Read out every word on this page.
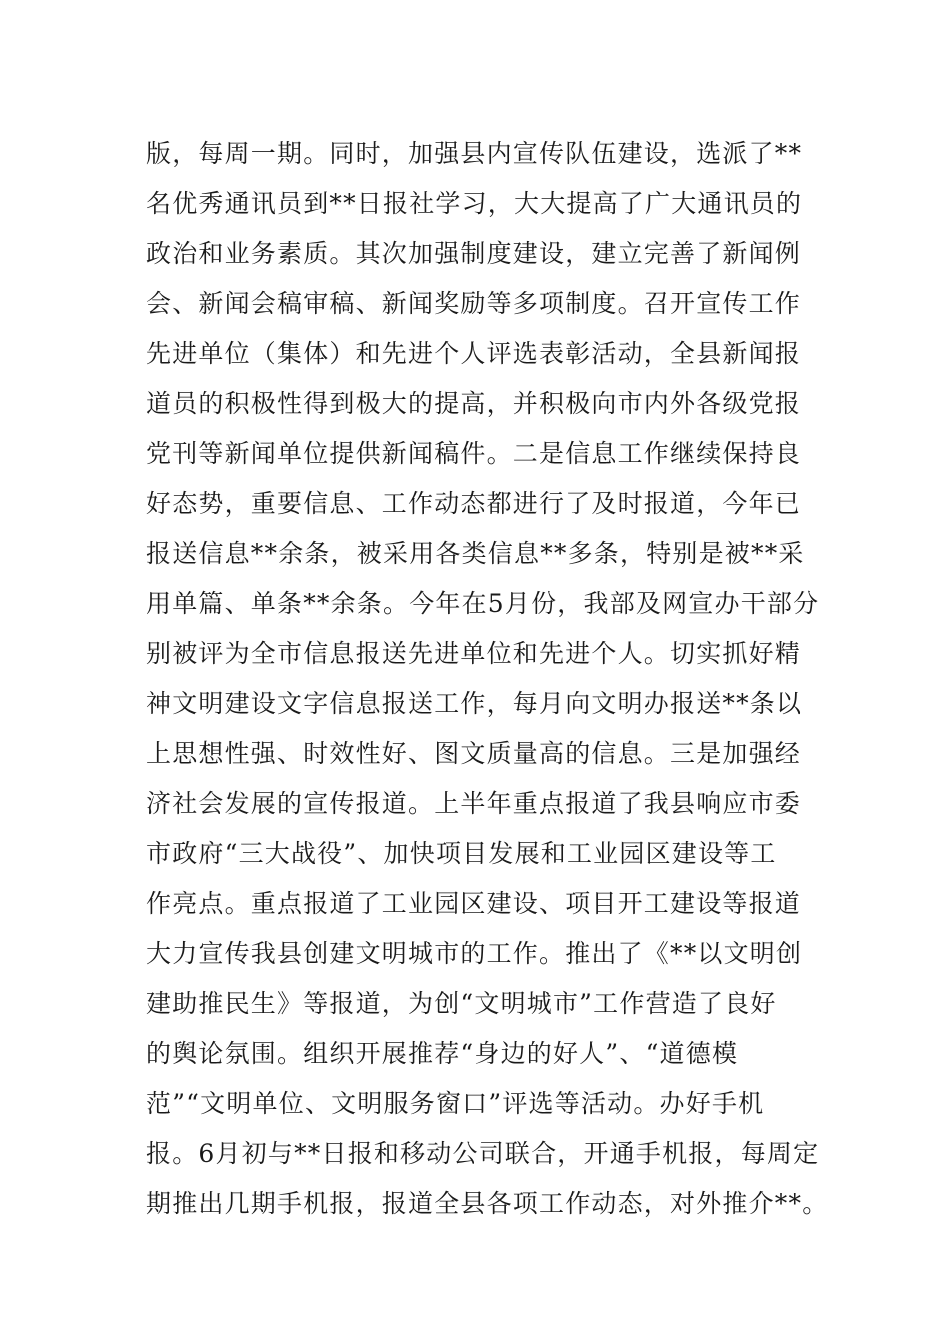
版，每周一期。同时，加强县内宣传队伍建设，选派了**
名优秀通讯员到**日报社学习，大大提高了广大通讯员的
政治和业务素质。其次加强制度建设，建立完善了新闻例
会、新闻会稿审稿、新闻奖励等多项制度。召开宣传工作
先进单位（集体）和先进个人评选表彰活动，全县新闻报
道员的积极性得到极大的提高，并积极向市内外各级党报
党刊等新闻单位提供新闻稿件。二是信息工作继续保持良
好态势，重要信息、工作动态都进行了及时报道，今年已
报送信息**余条，被采用各类信息**多条，特别是被**采
用单篇、单条**余条。今年在5月份，我部及网宣办干部分
别被评为全市信息报送先进单位和先进个人。切实抓好精
神文明建设文字信息报送工作，每月向文明办报送**条以
上思想性强、时效性好、图文质量高的信息。三是加强经
济社会发展的宣传报道。上半年重点报道了我县响应市委
市政府“三大战役”、加快项目发展和工业园区建设等工
作亮点。重点报道了工业园区建设、项目开工建设等报道
大力宣传我县创建文明城市的工作。推出了《**以文明创
建助推民生》等报道，为创“文明城市”工作营造了良好
的舆论氛围。组织开展推荐“身边的好人”、“道德模
范”“文明单位、文明服务窗口”评选等活动。办好手机
报。6月初与**日报和移动公司联合，开通手机报，每周定
期推出几期手机报，报道全县各项工作动态，对外推介**。
